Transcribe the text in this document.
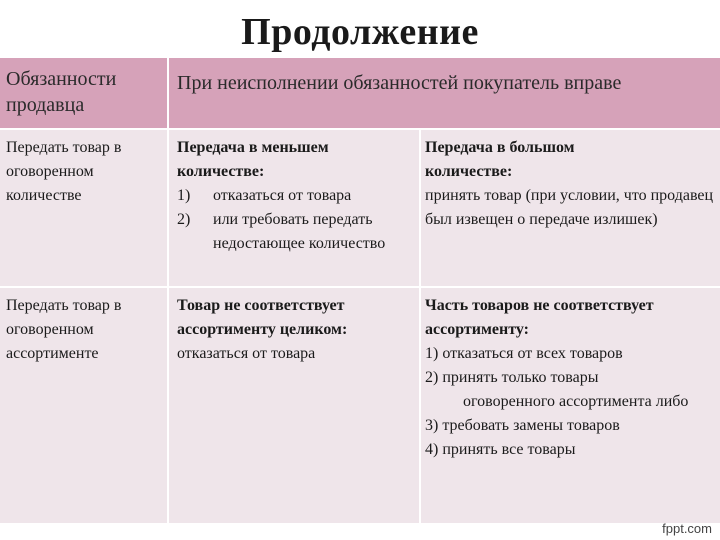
Продолжение
Обязанности продавца
При неисполнении обязанностей покупатель вправе
Передать товар в оговоренном количестве
Передача в меньшем количестве:
1) отказаться от товара
2) или требовать передать недостающее количество
Передача в большом количестве:
принять товар (при условии, что продавец был извещен о передаче излишек)
Передать товар в оговоренном ассортименте
Товар не соответствует ассортименту целиком:
отказаться от товара
Часть товаров не соответствует ассортименту:
1) отказаться от всех товаров
2) принять только товары
оговоренного ассортимента либо
3) требовать замены товаров
4) принять все товары
fppt.com
